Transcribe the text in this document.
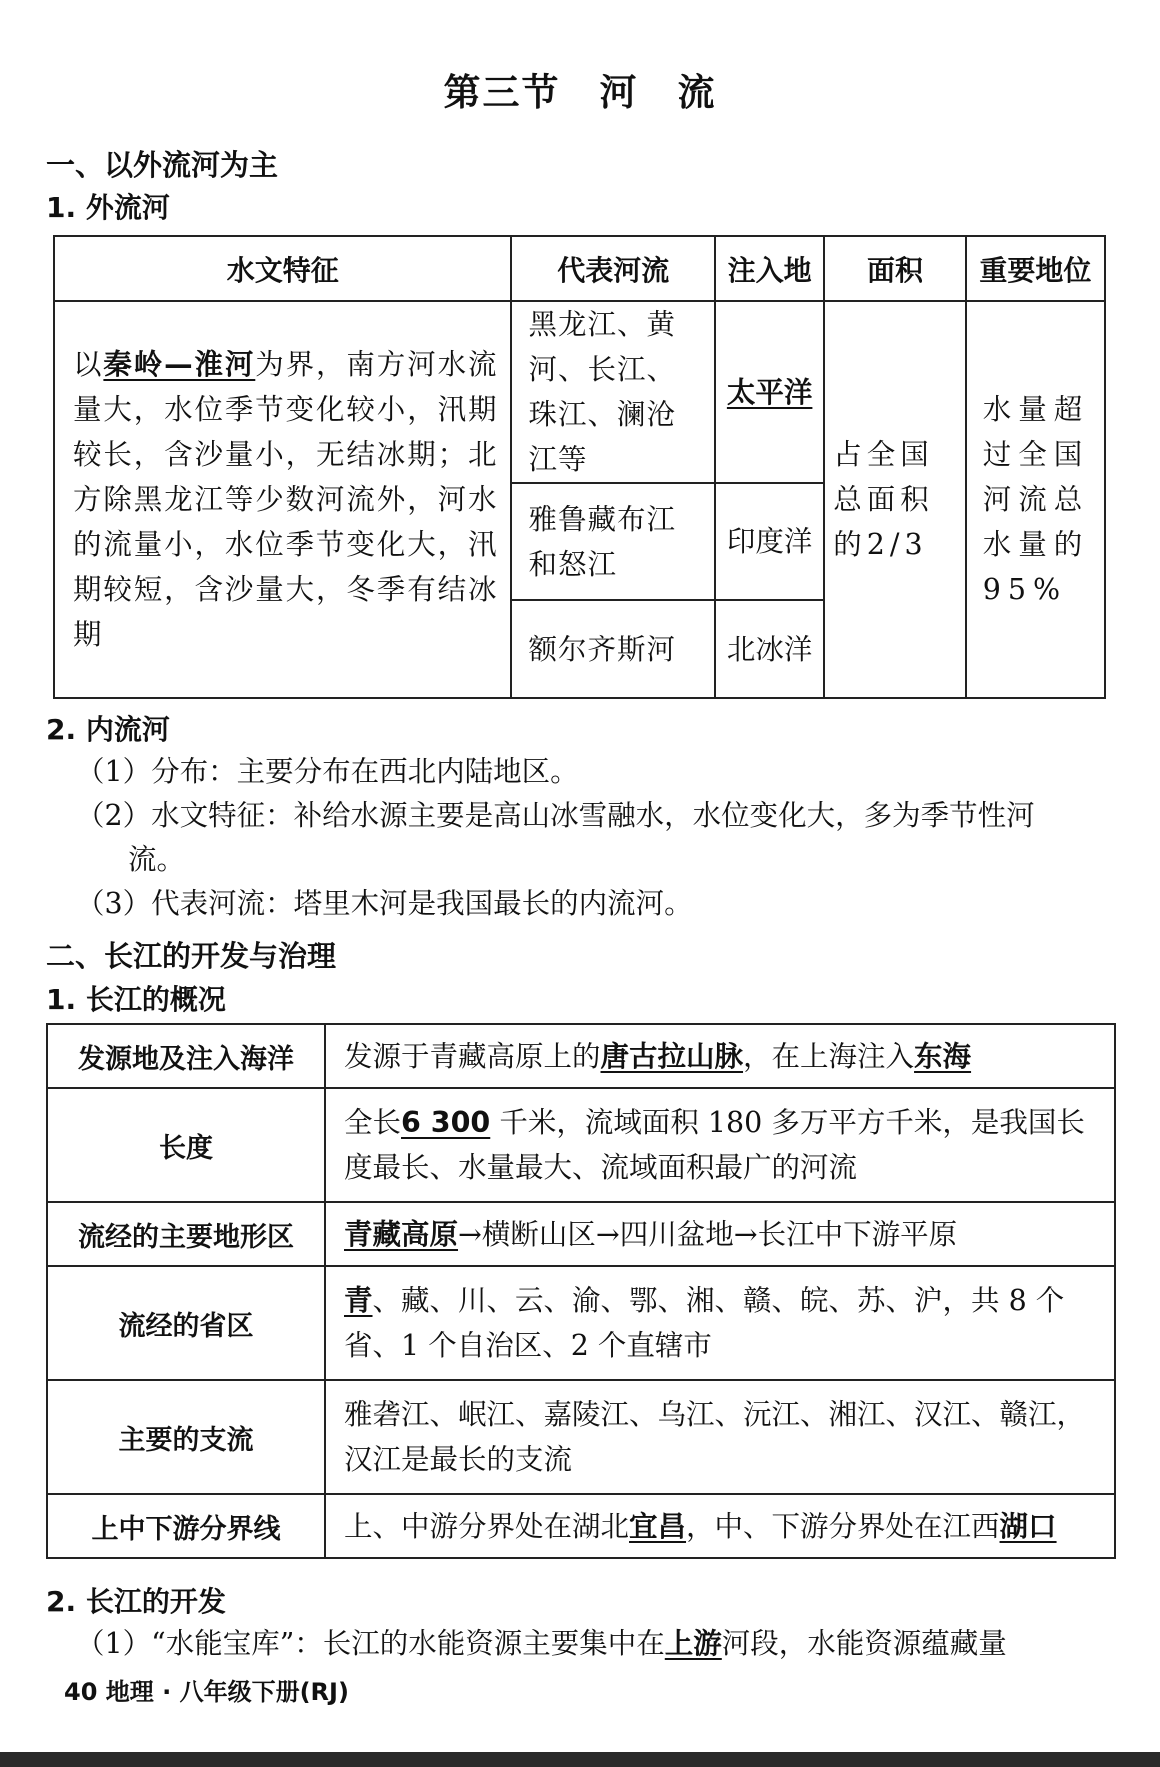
第三节　河　流
一、以外流河为主
1. 外流河
水文特征	代表河流	注入地	面积	重要地位
以秦岭—淮河为界，南方河水流量大，水位季节变化较小，汛期较长，含沙量小，无结冰期；北方除黑龙江等少数河流外，河水的流量小，水位季节变化大，汛期较短，含沙量大，冬季有结冰期	黑龙江、黄河、长江、珠江、澜沧江等	太平洋	占全国总面积的2/3	水量超过全国河流总水量的95%
	雅鲁藏布江和怒江	印度洋		
	额尔齐斯河	北冰洋		
2. 内流河
（1）分布：主要分布在西北内陆地区。
（2）水文特征：补给水源主要是高山冰雪融水，水位变化大，多为季节性河
流。
（3）代表河流：塔里木河是我国最长的内流河。
二、长江的开发与治理
1. 长江的概况
发源地及注入海洋	发源于青藏高原上的唐古拉山脉，在上海注入东海
长度	全长6 300 千米，流域面积 180 多万平方千米，是我国长度最长、水量最大、流域面积最广的河流
流经的主要地形区	青藏高原→横断山区→四川盆地→长江中下游平原
流经的省区	青、藏、川、云、渝、鄂、湘、赣、皖、苏、沪，共 8 个省、1 个自治区、2 个直辖市
主要的支流	雅砻江、岷江、嘉陵江、乌江、沅江、湘江、汉江、赣江，汉江是最长的支流
上中下游分界线	上、中游分界处在湖北宜昌，中、下游分界处在江西湖口
2. 长江的开发
（1）“水能宝库”：长江的水能资源主要集中在上游河段，水能资源蕴藏量
40 地理 · 八年级下册(RJ)
